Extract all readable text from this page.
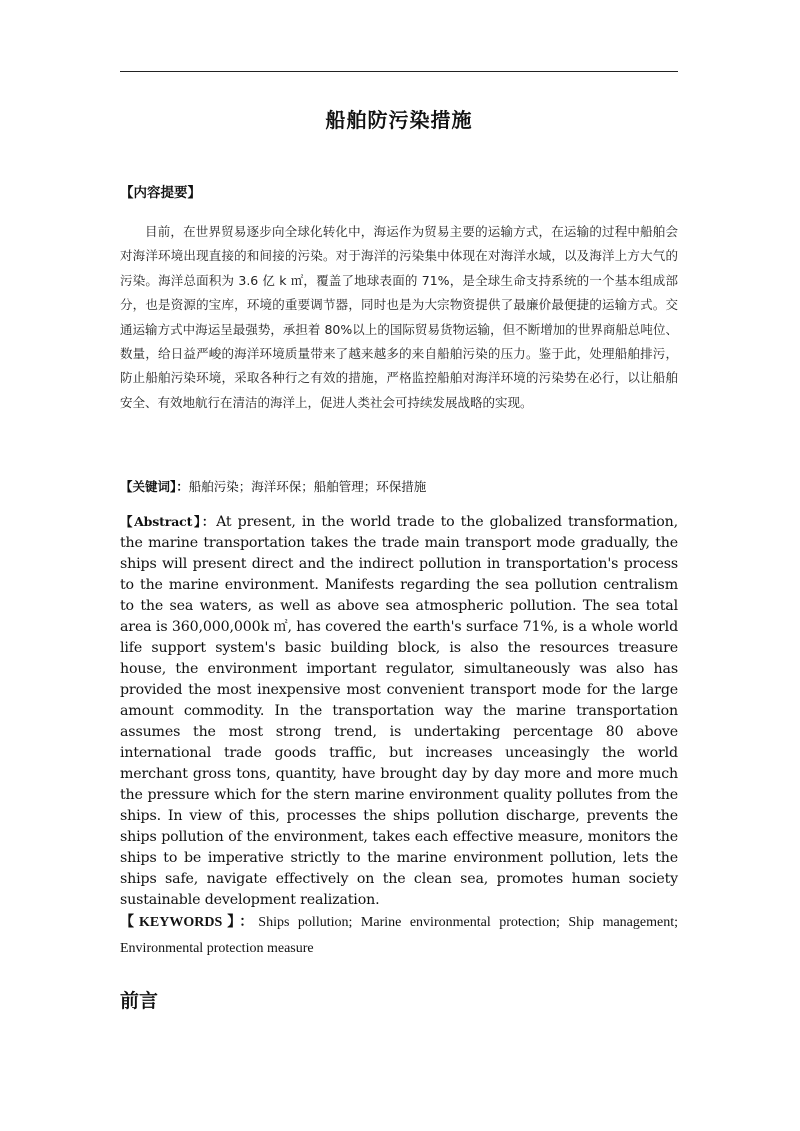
船舶防污染措施

【内容提要】

目前，在世界贸易逐步向全球化转化中，海运作为贸易主要的运输方式，在运输的过程中船舶会对海洋环境出现直接的和间接的污染。对于海洋的污染集中体现在对海洋水域，以及海洋上方大气的污染。海洋总面积为 3.6 亿 k ㎡，覆盖了地球表面的 71%，是全球生命支持系统的一个基本组成部分，也是资源的宝库，环境的重要调节器，同时也是为大宗物资提供了最廉价最便捷的运输方式。交通运输方式中海运呈最强势，承担着 80%以上的国际贸易货物运输，但不断增加的世界商船总吨位、数量，给日益严峻的海洋环境质量带来了越来越多的来自船舶污染的压力。鉴于此，处理船舶排污，防止船舶污染环境，采取各种行之有效的措施，严格监控船舶对海洋环境的污染势在必行，以让船舶安全、有效地航行在清洁的海洋上，促进人类社会可持续发展战略的实现。

【关键词】：船舶污染；海洋环保；船舶管理；环保措施

【Abstract】：At present, in the world trade to the globalized transformation, the marine transportation takes the trade main transport mode gradually, the ships will present direct and the indirect pollution in transportation's process to the marine environment. Manifests regarding the sea pollution centralism to the sea waters, as well as above sea atmospheric pollution. The sea total area is 360,000,000k ㎡, has covered the earth's surface 71%, is a whole world life support system's basic building block, is also the resources treasure house, the environment important regulator, simultaneously was also has provided the most inexpensive most convenient transport mode for the large amount commodity. In the transportation way the marine transportation assumes the most strong trend, is undertaking percentage 80 above international trade goods traffic, but increases unceasingly the world merchant gross tons, quantity, have brought day by day more and more much the pressure which for the stern marine environment quality pollutes from the ships. In view of this, processes the ships pollution discharge, prevents the ships pollution of the environment, takes each effective measure, monitors the ships to be imperative strictly to the marine environment pollution, lets the ships safe, navigate effectively on the clean sea, promotes human society sustainable development realization.

【KEYWORDS】：Ships pollution; Marine environmental protection; Ship management; Environmental protection measure

前言
